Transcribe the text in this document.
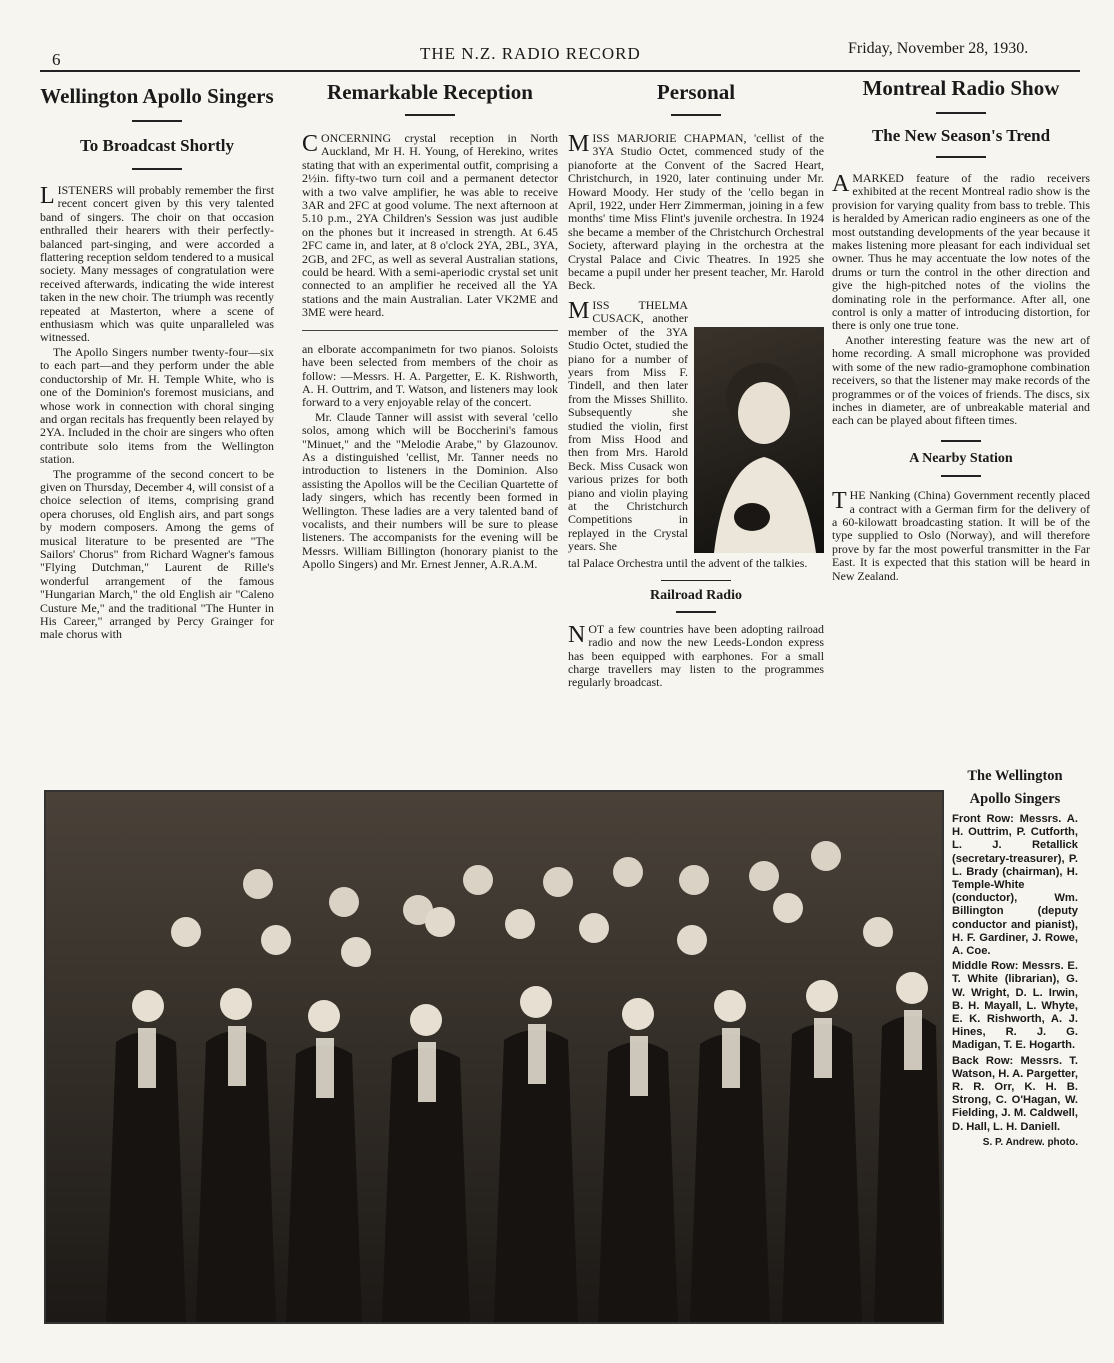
6	THE N.Z. RADIO RECORD	Friday, November 28, 1930.
Wellington Apollo Singers
To Broadcast Shortly

LISTENERS will probably remember the first recent concert given by this very talented band of singers. The choir on that occasion enthralled their hearers with their perfectly-balanced part-singing, and were accorded a flattering reception seldom tendered to a musical society. Many messages of congratulation were received afterwards, indicating the wide interest taken in the new choir. The triumph was recently repeated at Masterton, where a scene of enthusiasm which was quite unparalleled was witnessed.

The Apollo Singers number twenty-four—six to each part—and they perform under the able conductorship of Mr. H. Temple White, who is one of the Dominion's foremost musicians, and whose work in connection with choral singing and organ recitals has frequently been relayed by 2YA. Included in the choir are singers who often contribute solo items from the Wellington station.

The programme of the second concert to be given on Thursday, December 4, will consist of a choice selection of items, comprising grand opera choruses, old English airs, and part songs by modern composers. Among the gems of musical literature to be presented are "The Sailors' Chorus" from Richard Wagner's famous "Flying Dutchman," Laurent de Rille's wonderful arrangement of the famous "Hungarian March," the old English air "Caleno Custure Me," and the traditional "The Hunter in His Career," arranged by Percy Grainger for male chorus with

Remarkable Reception

CONCERNING crystal reception in North Auckland, Mr H. H. Young, of Herekino, writes stating that with an experimental outfit, comprising a 2½in. fifty-two turn coil and a permanent detector with a two valve amplifier, he was able to receive 3AR and 2FC at good volume. The next afternoon at 5.10 p.m., 2YA Children's Session was just audible on the phones but it increased in strength. At 6.45 2FC came in, and later, at 8 o'clock 2YA, 2BL, 3YA, 2GB, and 2FC, as well as several Australian stations, could be heard. With a semi-aperiodic crystal set unit connected to an amplifier he received all the YA stations and the main Australian. Later VK2ME and 3ME were heard.

an elborate accompanimetn for two pianos. Soloists have been selected from members of the choir as follow: —Messrs. H. A. Pargetter, E. K. Rishworth, A. H. Outtrim, and T. Watson, and listeners may look forward to a very enjoyable relay of the concert.

Mr. Claude Tanner will assist with several 'cello solos, among which will be Boccherini's famous "Minuet," and the "Melodie Arabe," by Glazounov. As a distinguished 'cellist, Mr. Tanner needs no introduction to listeners in the Dominion. Also assisting the Apollos will be the Cecilian Quartette of lady singers, which has recently been formed in Wellington. These ladies are a very talented band of vocalists, and their numbers will be sure to please listeners. The accompanists for the evening will be Messrs. William Billington (honorary pianist to the Apollo Singers) and Mr. Ernest Jenner, A.R.A.M.

Personal

MISS MARJORIE CHAPMAN, 'cellist of the 3YA Studio Octet, commenced study of the pianoforte at the Convent of the Sacred Heart, Christchurch, in 1920, later continuing under Mr. Howard Moody. Her study of the 'cello began in April, 1922, under Herr Zimmerman, joining in a few months' time Miss Flint's juvenile orchestra. In 1924 she became a member of the Christchurch Orchestral Society, afterward playing in the orchestra at the Crystal Palace and Civic Theatres. In 1925 she became a pupil under her present teacher, Mr. Harold Beck.

M ISS THELMA CUSACK, another member of the 3YA Studio Octet, studied the piano for a number of years from Miss F. Tindell, and then later from the Misses Shillito. Subsequently she studied the violin, first from Miss Hood and then from Mrs. Harold Beck. Miss Cusack won various prizes for both piano and violin playing at the Christchurch Competitions in replayed in the Crystal years. She

tal Palace Orchestra until the advent of the talkies.

Railroad Radio

NOT a few countries have been adopting railroad radio and now the new Leeds-London express has been equipped with earphones. For a small charge travellers may listen to the programmes regularly broadcast.

Montreal Radio Show
The New Season's Trend

AMARKED feature of the radio receivers exhibited at the recent Montreal radio show is the provision for varying quality from bass to treble. This is heralded by American radio engineers as one of the most outstanding developments of the year because it makes listening more pleasant for each individual set owner. Thus he may accentuate the low notes of the drums or turn the control in the other direction and give the high-pitched notes of the violins the dominating role in the performance. After all, one control is only a matter of introducing distortion, for there is only one true tone.

Another interesting feature was the new art of home recording. A small microphone was provided with some of the new radio-gramophone combination receivers, so that the listener may make records of the programmes or of the voices of friends. The discs, six inches in diameter, are of unbreakable material and each can be played about fifteen times.

A Nearby Station

THE Nanking (China) Government recently placed a contract with a German firm for the delivery of a 60-kilowatt broadcasting station. It will be of the type supplied to Oslo (Norway), and will therefore prove by far the most powerful transmitter in the Far East. It is expected that this station will be heard in New Zealand.

The Wellington Apollo Singers

Front Row: Messrs. A. H. Outtrim, P. Cutforth, L. J. Retallick (secretary-treasurer), P. L. Brady (chairman), H. Temple-White (conductor), Wm. Billington (deputy conductor and pianist), H. F. Gardiner, J. Rowe, A. Coe.

Middle Row: Messrs. E. T. White (librarian), G. W. Wright, D. L. Irwin, B. H. Mayall, L. Whyte, E. K. Rishworth, A. J. Hines, R. J. G. Madigan, T. E. Hogarth.

Back Row: Messrs. T. Watson, H. A. Pargetter, R. R. Orr, K. H. B. Strong, C. O'Hagan, W. Fielding, J. M. Caldwell, D. Hall, L. H. Daniell.

S. P. Andrew. photo.
